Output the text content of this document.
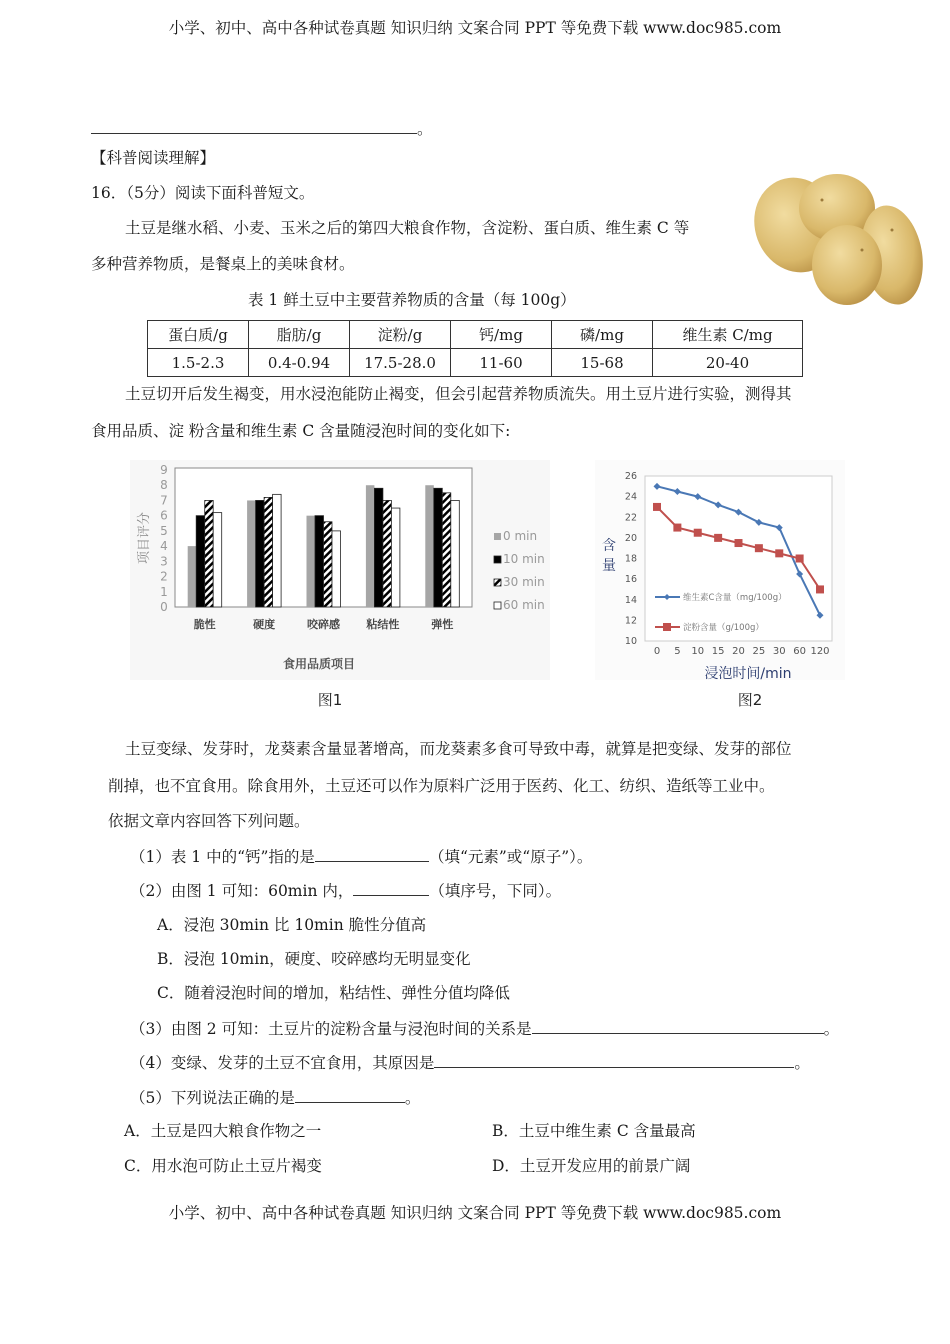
小学、初中、高中各种试卷真题 知识归纳 文案合同 PPT 等免费下载 www.doc985.com
。
【科普阅读理解】
16．（5分）阅读下面科普短文。
土豆是继水稻、小麦、玉米之后的第四大粮食作物，含淀粉、蛋白质、维生素 C 等
多种营养物质，是餐桌上的美味食材。
表 1 鲜土豆中主要营养物质的含量（每 100g）
蛋白质/g	脂肪/g	淀粉/g	钙/mg	磷/mg	维生素 C/mg
1.5-2.3	0.4-0.94	17.5-28.0	11-60	15-68	20-40
土豆切开后发生褐变，用水浸泡能防止褐变，但会引起营养物质流失。用土豆片进行实验，测得其
食用品质、淀 粉含量和维生素 C 含量随浸泡时间的变化如下:
0
1
2
3
4
5
6
7
8
9
脆性	硬度	咬碎感 粘结性	弹性
0 min
10 min
30 min
60 min
项目评分
食用品质项目
图1
10
12
14
16
18
20
22
24
26
0 5 10 15 20 25 30 60 120
维生素C含量（mg/100g）
淀粉含量（g/100g）
含量
浸泡时间/min
图2
土豆变绿、发芽时，龙葵素含量显著增高，而龙葵素多食可导致中毒，就算是把变绿、发芽的部位
削掉，也不宜食用。除食用外，土豆还可以作为原料广泛用于医药、化工、纺织、造纸等工业中。
依据文章内容回答下列问题。
（1）表 1 中的“钙”指的是	（填“元素”或“原子”）。
（2）由图 1 可知：60min 内，	（填序号，下同）。
A．浸泡 30min 比 10min 脆性分值高
B．浸泡 10min，硬度、咬碎感均无明显变化
C．随着浸泡时间的增加，粘结性、弹性分值均降低
（3）由图 2 可知：土豆片的淀粉含量与浸泡时间的关系是	。
（4）变绿、发芽的土豆不宜食用，其原因是	。
（5）下列说法正确的是	。
A．土豆是四大粮食作物之一	B．土豆中维生素 C 含量最高
C．用水泡可防止土豆片褐变	D．土豆开发应用的前景广阔
小学、初中、高中各种试卷真题 知识归纳 文案合同 PPT 等免费下载 www.doc985.com
